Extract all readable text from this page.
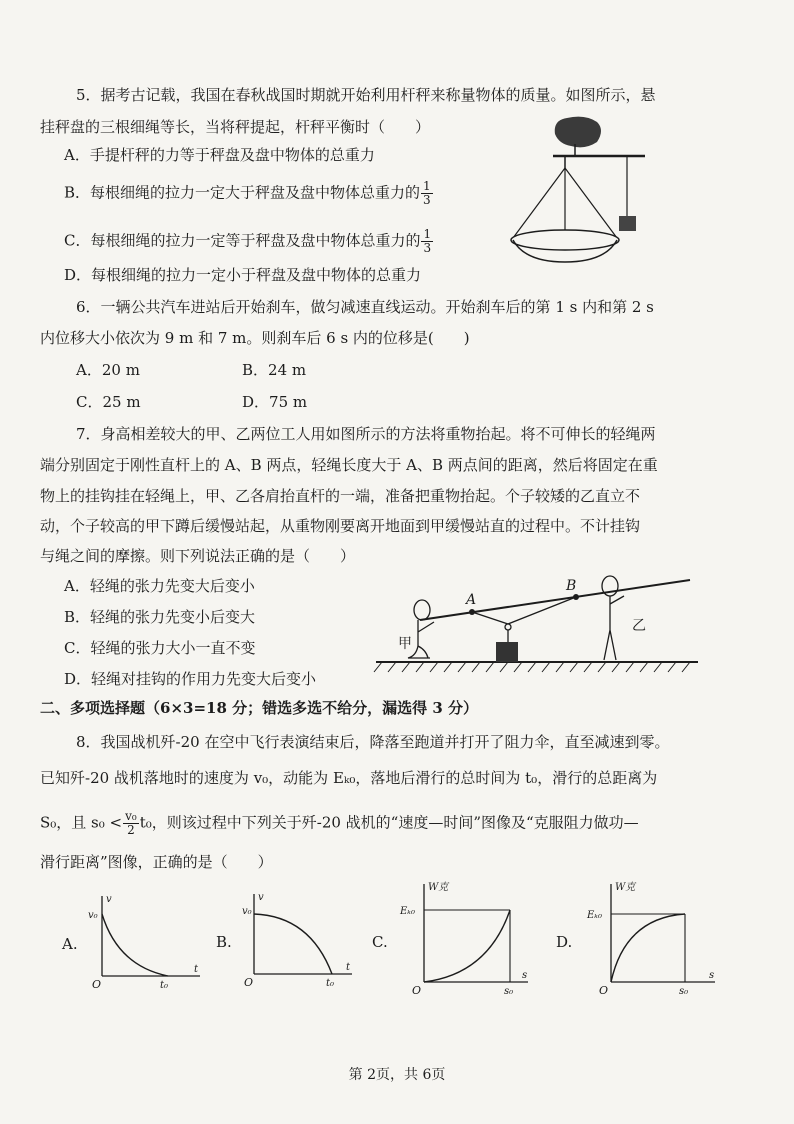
5．据考古记载，我国在春秋战国时期就开始利用杆秤来称量物体的质量。如图所示，悬
挂秤盘的三根细绳等长，当将秤提起，杆秤平衡时（　　）
A．手提杆秤的力等于秤盘及盘中物体的总重力
B．每根细绳的拉力一定大于秤盘及盘中物体总重力的 $\frac{1}{3}$
C．每根细绳的拉力一定等于秤盘及盘中物体总重力的 $\frac{1}{3}$
D．每根细绳的拉力一定小于秤盘及盘中物体的总重力
6．一辆公共汽车进站后开始刹车，做匀减速直线运动。开始刹车后的第 1 s 内和第 2 s
内位移大小依次为 9 m 和 7 m。则刹车后 6 s 内的位移是(　　)
A．20 m	B．24 m
C．25 m	D．75 m
7．身高相差较大的甲、乙两位工人用如图所示的方法将重物抬起。将不可伸长的轻绳两
端分别固定于刚性直杆上的 A、B 两点，轻绳长度大于 A、B 两点间的距离，然后将固定在重
物上的挂钩挂在轻绳上，甲、乙各肩抬直杆的一端，准备把重物抬起。个子较矮的乙直立不
动，个子较高的甲下蹲后缓慢站起，从重物刚要离开地面到甲缓慢站直的过程中。不计挂钩
与绳之间的摩擦。则下列说法正确的是（　　）
A．轻绳的张力先变大后变小
B．轻绳的张力先变小后变大
C．轻绳的张力大小一直不变
D．轻绳对挂钩的作用力先变大后变小
A
B
甲
乙
二、多项选择题（6×3=18 分；错选多选不给分，漏选得 3 分）
8．我国战机歼-20 在空中飞行表演结束后，降落至跑道并打开了阻力伞，直至减速到零。
已知歼-20 战机落地时的速度为 v₀，动能为 Eₖ₀，落地后滑行的总时间为 t₀，滑行的总距离为
S₀，且 $s_0 < \frac{\text{v₀}}{2} t_0$，则该过程中下列关于歼-20 战机的“速度—时间”图像及“克服阻力做功—
滑行距离”图像，正确的是（　　）
A.	B.	C.	D.
v
v₀
t
t₀
O
v
v₀
t
t₀
O
W克
Eₖ₀
s
s₀
O
W克
Eₖ₀
s
s₀
O
第 2页，共 6页
